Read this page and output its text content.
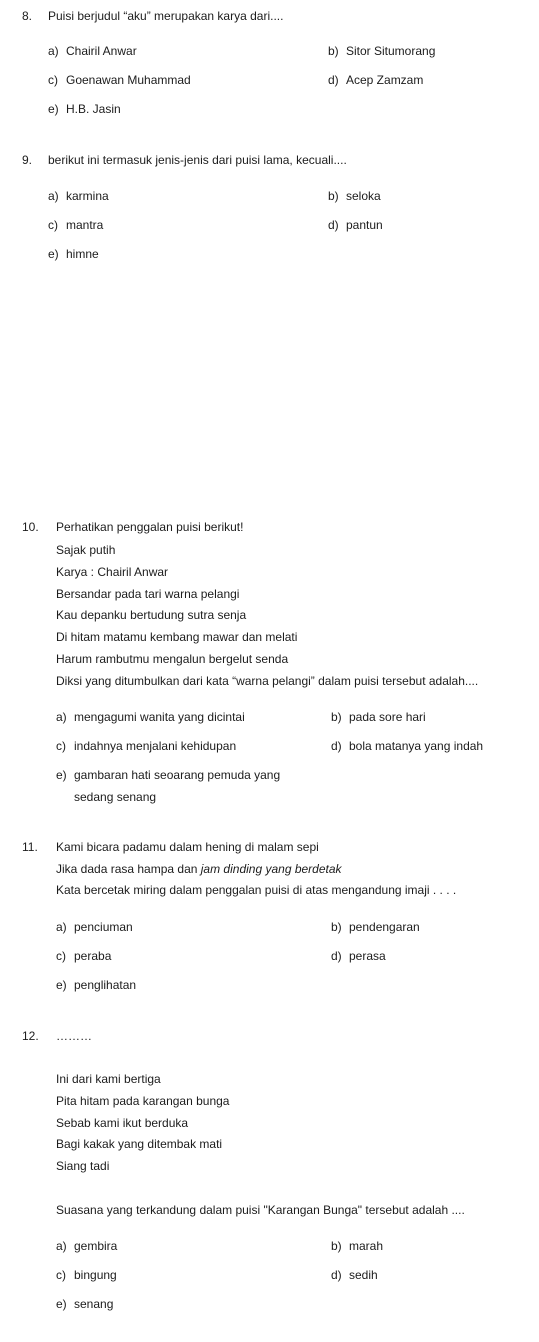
8. Puisi berjudul “aku” merupakan karya dari....
a) Chairil Anwar	b) Sitor Situmorang
c) Goenawan Muhammad	d) Acep Zamzam
e) H.B. Jasin
9. berikut ini termasuk jenis-jenis dari puisi lama, kecuali....
a) karmina	b) seloka
c) mantra	d) pantun
e) himne
10. Perhatikan penggalan puisi berikut!
Sajak putih
Karya : Chairil Anwar
Bersandar pada tari warna pelangi
Kau depanku bertudung sutra senja
Di hitam matamu kembang mawar dan melati
Harum rambutmu mengalun bergelut senda
Diksi yang ditumbulkan dari kata “warna pelangi” dalam puisi tersebut adalah....
a) mengagumi wanita yang dicintai	b) pada sore hari
c) indahnya menjalani kehidupan	d) bola matanya yang indah
e) gambaran hati seoarang pemuda yang
sedang senang
11. Kami bicara padamu dalam hening di malam sepi
Jika dada rasa hampa dan jam dinding yang berdetak
Kata bercetak miring dalam penggalan puisi di atas mengandung imaji . . . .
a) penciuman	b) pendengaran
c) peraba	d) perasa
e) penglihatan
12. ………
Ini dari kami bertiga
Pita hitam pada karangan bunga
Sebab kami ikut berduka
Bagi kakak yang ditembak mati
Siang tadi
Suasana yang terkandung dalam puisi "Karangan Bunga" tersebut adalah ....
a) gembira	b) marah
c) bingung	d) sedih
e) senang
